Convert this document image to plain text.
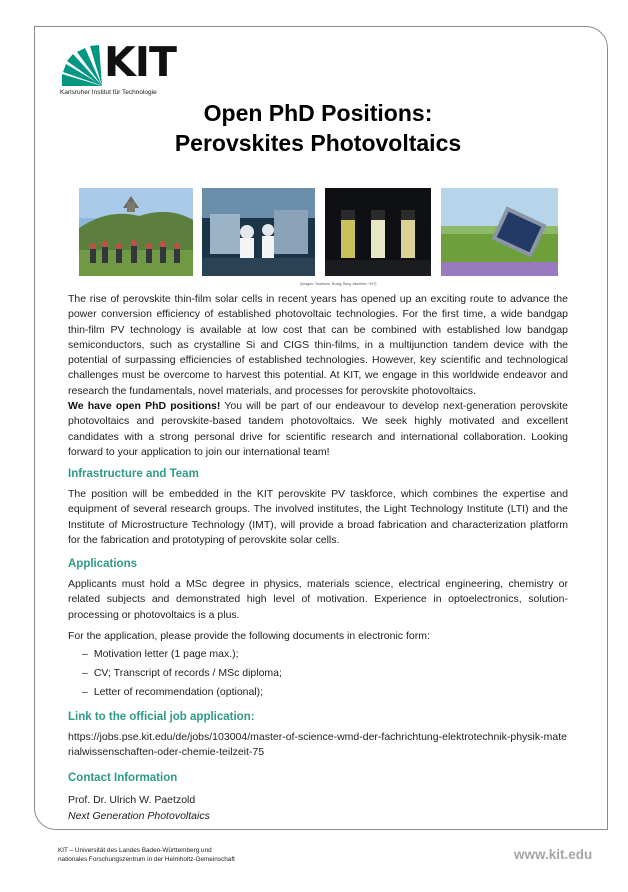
KIT
Karlsruher Institut für Technologie
Open PhD Positions:
Perovskites Photovoltaics
(Images: Taubhorn, Ruzig, Berg, Abzieher / KIT)

The rise of perovskite thin-film solar cells in recent years has opened up an exciting route to advance the power conversion efficiency of established photovoltaic technologies. For the first time, a wide bandgap thin-film PV technology is available at low cost that can be combined with established low bandgap semiconductors, such as crystalline Si and CIGS thin-films, in a multijunction tandem device with the potential of surpassing efficiencies of established technologies. However, key scientific and technological challenges must be overcome to harvest this potential. At KIT, we engage in this worldwide endeavor and research the fundamentals, novel materials, and processes for perovskite photovoltaics.

We have open PhD positions! You will be part of our endeavour to develop next-generation perovskite photovoltaics and perovskite-based tandem photovoltaics. We seek highly motivated and excellent candidates with a strong personal drive for scientific research and international collaboration. Looking forward to your application to join our international team!

Infrastructure and Team

The position will be embedded in the KIT perovskite PV taskforce, which combines the expertise and equipment of several research groups. The involved institutes, the Light Technology Institute (LTI) and the Institute of Microstructure Technology (IMT), will provide a broad fabrication and characterization platform for the fabrication and prototyping of perovskite solar cells.

Applications

Applicants must hold a MSc degree in physics, materials science, electrical engineering, chemistry or related subjects and demonstrated high level of motivation. Experience in optoelectronics, solution-processing or photovoltaics is a plus.

For the application, please provide the following documents in electronic form:

– Motivation letter (1 page max.);
– CV; Transcript of records / MSc diploma;
– Letter of recommendation (optional);
Link to the official job application:
https://jobs.pse.kit.edu/de/jobs/103004/master-of-science-wmd-der-fachrichtung-elektrotechnik-physik-materialwissenschaften-oder-chemie-teilzeit-75
Contact Information
Prof. Dr. Ulrich W. Paetzold
Next Generation Photovoltaics
KIT – Universität des Landes Baden-Württemberg und
nationales Forschungszentrum in der Helmholtz-Gemeinschaft	www.kit.edu
